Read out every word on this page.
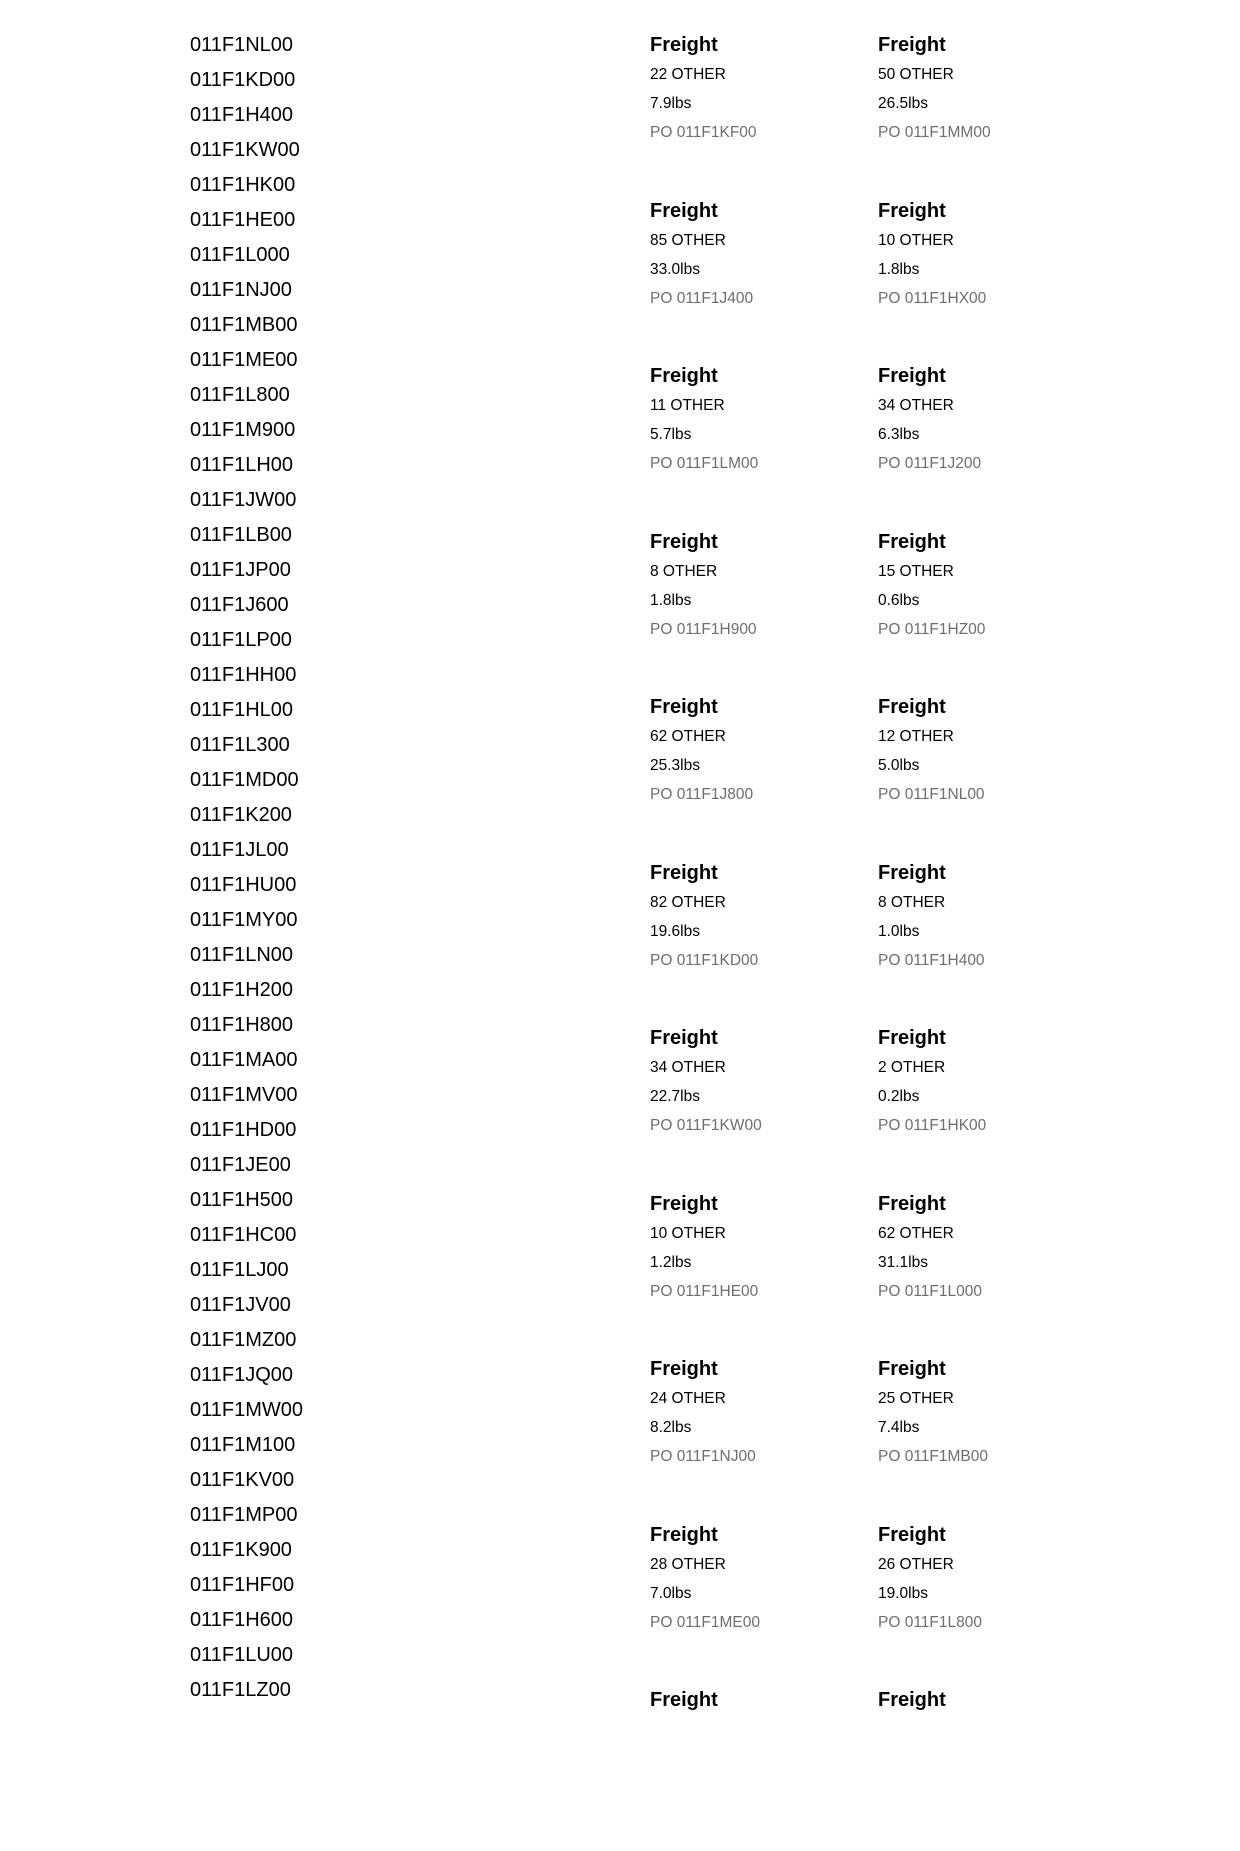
011F1NL00
011F1KD00
011F1H400
011F1KW00
011F1HK00
011F1HE00
011F1L000
011F1NJ00
011F1MB00
011F1ME00
011F1L800
011F1M900
011F1LH00
011F1JW00
011F1LB00
011F1JP00
011F1J600
011F1LP00
011F1HH00
011F1HL00
011F1L300
011F1MD00
011F1K200
011F1JL00
011F1HU00
011F1MY00
011F1LN00
011F1H200
011F1H800
011F1MA00
011F1MV00
011F1HD00
011F1JE00
011F1H500
011F1HC00
011F1LJ00
011F1JV00
011F1MZ00
011F1JQ00
011F1MW00
011F1M100
011F1KV00
011F1MP00
011F1K900
011F1HF00
011F1H600
011F1LU00
011F1LZ00
Freight
22 OTHER
7.9lbs
PO 011F1KF00
Freight
50 OTHER
26.5lbs
PO 011F1MM00
Freight
85 OTHER
33.0lbs
PO 011F1J400
Freight
10 OTHER
1.8lbs
PO 011F1HX00
Freight
11 OTHER
5.7lbs
PO 011F1LM00
Freight
34 OTHER
6.3lbs
PO 011F1J200
Freight
8 OTHER
1.8lbs
PO 011F1H900
Freight
15 OTHER
0.6lbs
PO 011F1HZ00
Freight
62 OTHER
25.3lbs
PO 011F1J800
Freight
12 OTHER
5.0lbs
PO 011F1NL00
Freight
82 OTHER
19.6lbs
PO 011F1KD00
Freight
8 OTHER
1.0lbs
PO 011F1H400
Freight
34 OTHER
22.7lbs
PO 011F1KW00
Freight
2 OTHER
0.2lbs
PO 011F1HK00
Freight
10 OTHER
1.2lbs
PO 011F1HE00
Freight
62 OTHER
31.1lbs
PO 011F1L000
Freight
24 OTHER
8.2lbs
PO 011F1NJ00
Freight
25 OTHER
7.4lbs
PO 011F1MB00
Freight
28 OTHER
7.0lbs
PO 011F1ME00
Freight
26 OTHER
19.0lbs
PO 011F1L800
Freight	Freight
